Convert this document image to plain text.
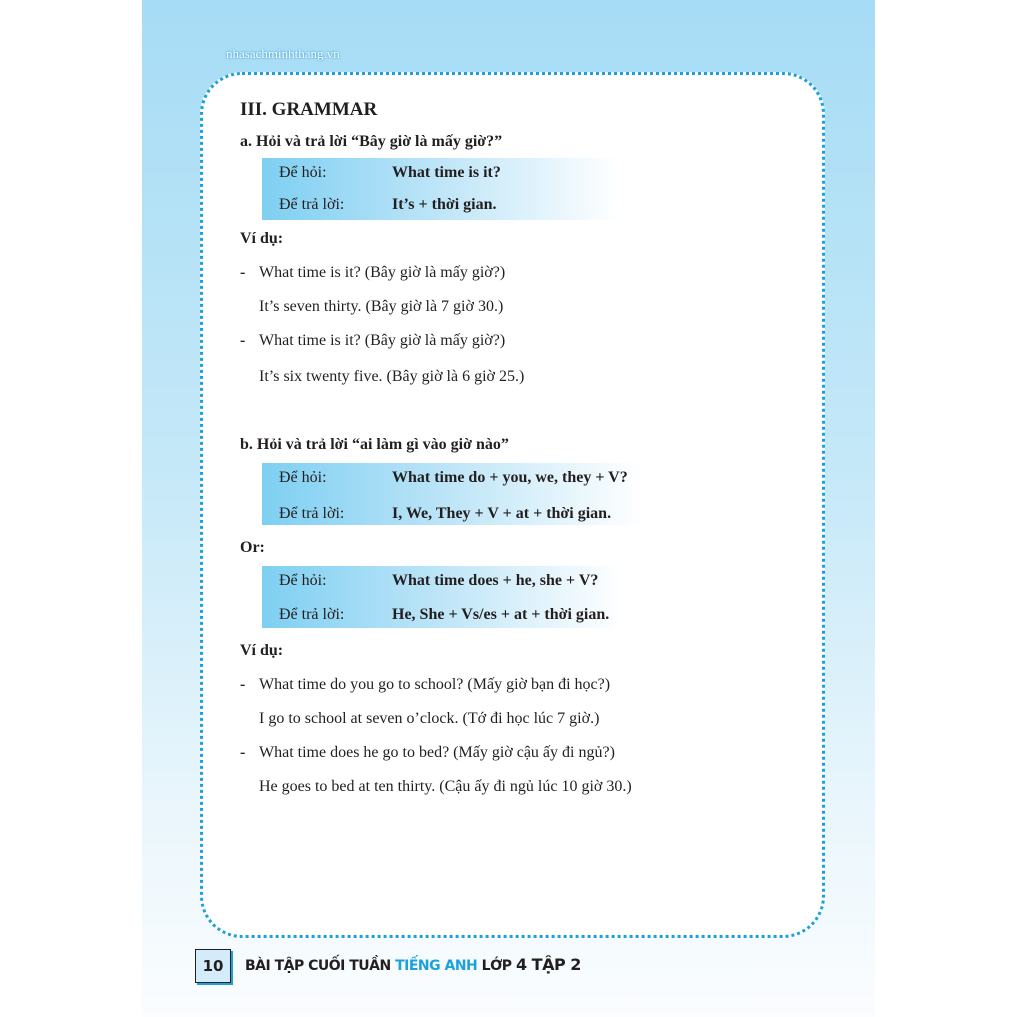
nhasachminhthang.vn
III. GRAMMAR
a. Hỏi và trả lời “Bây giờ là mấy giờ?”
Để hỏi:	What time is it?
Để trả lời:	It’s + thời gian.
Ví dụ:
- What time is it? (Bây giờ là mấy giờ?)
It’s seven thirty. (Bây giờ là 7 giờ 30.)
- What time is it? (Bây giờ là mấy giờ?)
It’s six twenty five. (Bây giờ là 6 giờ 25.)
b. Hỏi và trả lời “ai làm gì vào giờ nào”
Để hỏi:	What time do + you, we, they + V?
Để trả lời:	I, We, They + V + at + thời gian.
Or:
Để hỏi:	What time does + he, she + V?
Để trả lời:	He, She + Vs/es + at + thời gian.
Ví dụ:
- What time do you go to school? (Mấy giờ bạn đi học?)
I go to school at seven o’clock. (Tớ đi học lúc 7 giờ.)
- What time does he go to bed? (Mấy giờ cậu ấy đi ngủ?)
He goes to bed at ten thirty. (Cậu ấy đi ngủ lúc 10 giờ 30.)
10	BÀI TẬP CUỐI TUẦN TIẾNG ANH LỚP 4 TẬP 2
